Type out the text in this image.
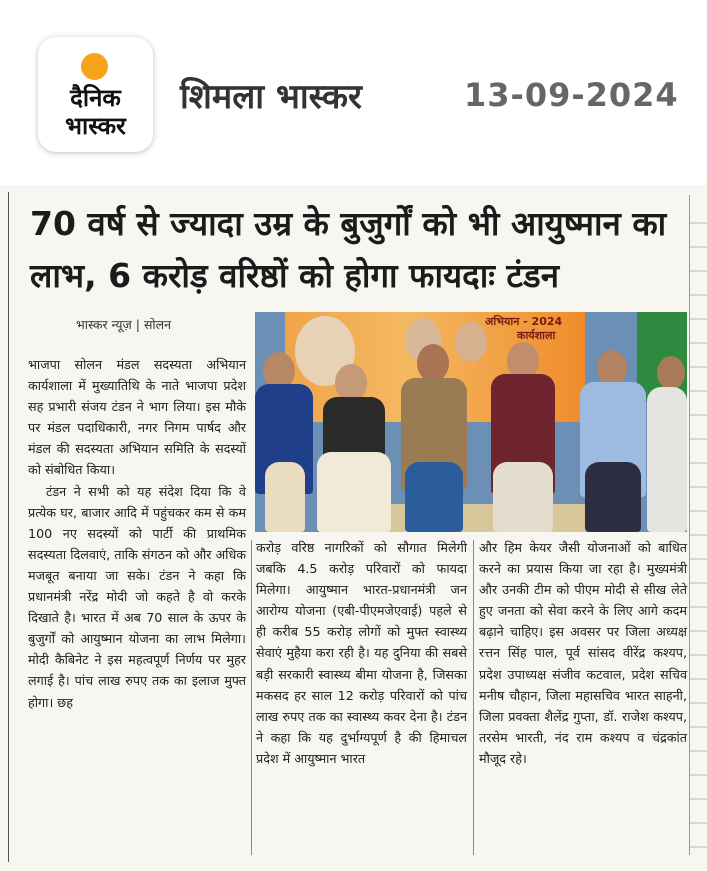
दैनिक
भास्कर
शिमला भास्कर	13-09-2024
70 वर्ष से ज्यादा उम्र के बुजुर्गों को भी आयुष्मान का लाभ, 6 करोड़ वरिष्ठों को होगा फायदाः टंडन
भास्कर न्यूज़ | सोलन	अभियान - 2024
कार्यशाला

भाजपा सोलन मंडल सदस्यता अभियान कार्यशाला में मुख्यातिथि के नाते भाजपा प्रदेश सह प्रभारी संजय टंडन ने भाग लिया। इस मौके पर मंडल पदाधिकारी, नगर निगम पार्षद और मंडल की सदस्यता अभियान समिति के सदस्यों को संबोधित किया।

टंडन ने सभी को यह संदेश दिया कि वे प्रत्येक घर, बाजार आदि में पहुंचकर कम से कम 100 नए सदस्यों को पार्टी की प्राथमिक सदस्यता दिलवाएं, ताकि संगठन को और अधिक मजबूत बनाया जा सके। टंडन ने कहा कि प्रधानमंत्री नरेंद्र मोदी जो कहते है वो करके दिखाते है। भारत में अब 70 साल के ऊपर के बुजुर्गों को आयुष्मान योजना का लाभ मिलेगा। मोदी कैबिनेट ने इस महत्वपूर्ण निर्णय पर मुहर लगाई है। पांच लाख रुपए तक का इलाज मुफ्त होगा। छह

करोड़ वरिष्ठ नागरिकों को सौगात मिलेगी जबकि 4.5 करोड़ परिवारों को फायदा मिलेगा। आयुष्मान भारत-प्रधानमंत्री जन आरोग्य योजना (एबी-पीएमजेएवाई) पहले से ही करीब 55 करोड़ लोगों को मुफ्त स्वास्थ्य सेवाएं मुहैया करा रही है। यह दुनिया की सबसे बड़ी सरकारी स्वास्थ्य बीमा योजना है, जिसका मकसद हर साल 12 करोड़ परिवारों को पांच लाख रुपए तक का स्वास्थ्य कवर देना है। टंडन ने कहा कि यह दुर्भाग्यपूर्ण है की हिमाचल प्रदेश में आयुष्मान भारत

और हिम केयर जैसी योजनाओं को बाधित करने का प्रयास किया जा रहा है। मुख्यमंत्री और उनकी टीम को पीएम मोदी से सीख लेते हुए जनता को सेवा करने के लिए आगे कदम बढ़ाने चाहिए। इस अवसर पर जिला अध्यक्ष रत्तन सिंह पाल, पूर्व सांसद वीरेंद्र कश्यप, प्रदेश उपाध्यक्ष संजीव कटवाल, प्रदेश सचिव मनीष चौहान, जिला महासचिव भारत साहनी, जिला प्रवक्ता शैलेंद्र गुप्ता, डॉ. राजेश कश्यप, तरसेम भारती, नंद राम कश्यप व चंद्रकांत मौजूद रहे।
